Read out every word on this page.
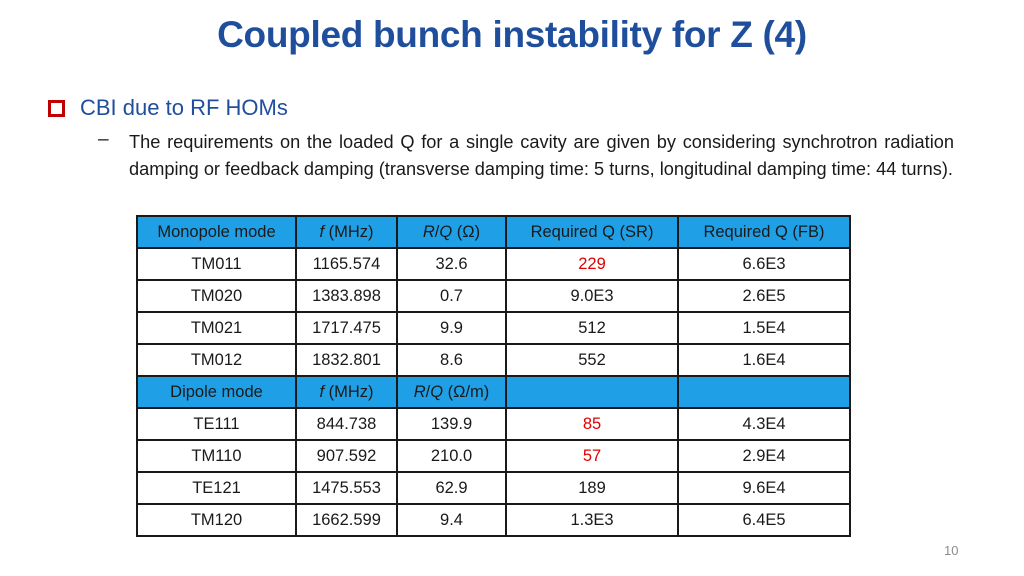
Coupled bunch instability for Z (4)
CBI due to RF HOMs
– The requirements on the loaded Q for a single cavity are given by considering synchrotron radiation damping or feedback damping (transverse damping time: 5 turns, longitudinal damping time: 44 turns).
Monopole mode	f (MHz)	R/Q (Ω)	Required Q (SR)	Required Q (FB)
TM011	1165.574	32.6	229	6.6E3
TM020	1383.898	0.7	9.0E3	2.6E5
TM021	1717.475	9.9	512	1.5E4
TM012	1832.801	8.6	552	1.6E4
Dipole mode	f (MHz)	R/Q (Ω/m)		
TE111	844.738	139.9	85	4.3E4
TM110	907.592	210.0	57	2.9E4
TE121	1475.553	62.9	189	9.6E4
TM120	1662.599	9.4	1.3E3	6.4E5
10
